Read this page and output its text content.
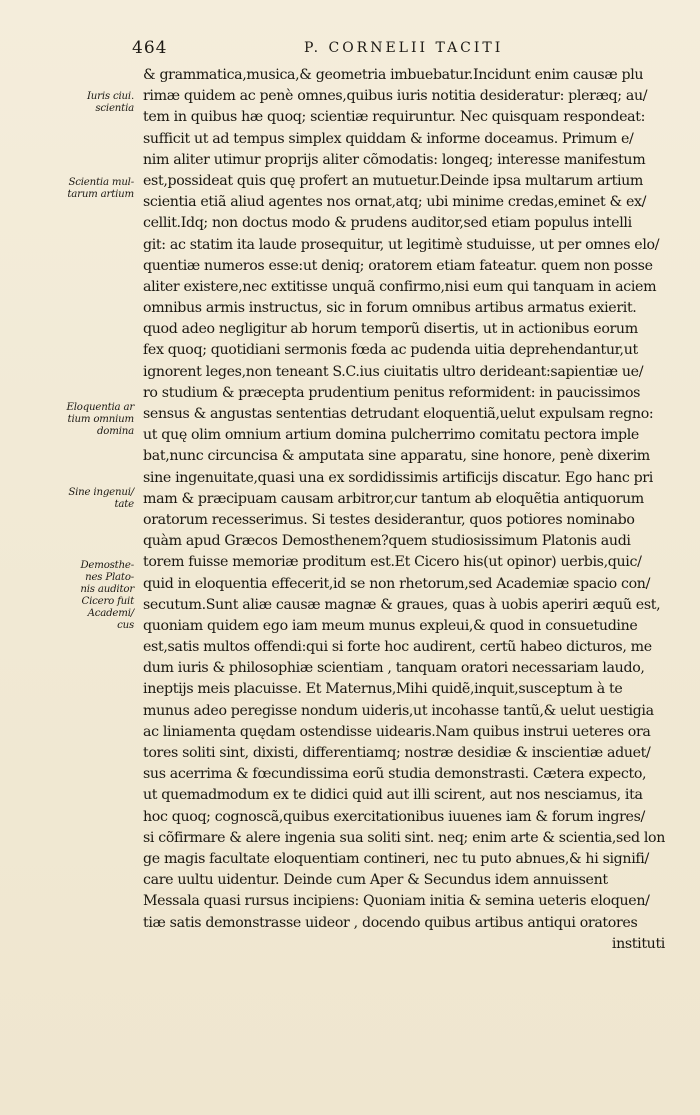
464	P. CORNELII TACITI
Iuris ciui.
scientia
Scientia mul-
tarum artium
Eloquentia ar
tium omnium
domina
Sine ingenui/
tate
Demosthe-
nes Plato-
nis auditor
Cicero fuit
Academi/
cus
& grammatica,musica,& geometria imbuebatur.Incidunt enim causæ plu
rimæ quidem ac penè omnes,quibus iuris notitia desideratur: pleræq; au/
tem in quibus hæ quoq; scientiæ requiruntur. Nec quisquam respondeat:
sufficit ut ad tempus simplex quiddam & informe doceamus. Primum e/
nim aliter utimur proprijs aliter cõmodatis: longeq; interesse manifestum
est,possideat quis quę profert an mutuetur.Deinde ipsa multarum artium
scientia etiã aliud agentes nos ornat,atq; ubi minime credas,eminet & ex/
cellit.Idq; non doctus modo & prudens auditor,sed etiam populus intelli
git: ac statim ita laude prosequitur, ut legitimè studuisse, ut per omnes elo/
quentiæ numeros esse:ut deniq; oratorem etiam fateatur. quem non posse
aliter existere,nec extitisse unquã confirmo,nisi eum qui tanquam in aciem
omnibus armis instructus, sic in forum omnibus artibus armatus exierit.
quod adeo negligitur ab horum temporũ disertis, ut in actionibus eorum
fex quoq; quotidiani sermonis fœda ac pudenda uitia deprehendantur,ut
ignorent leges,non teneant S.C.ius ciuitatis ultro derideant:sapientiæ ue/
ro studium & præcepta prudentium penitus reformident: in paucissimos
sensus & angustas sententias detrudant eloquentiã,uelut expulsam regno:
ut quę olim omnium artium domina pulcherrimo comitatu pectora imple
bat,nunc circuncisa & amputata sine apparatu, sine honore, penè dixerim
sine ingenuitate,quasi una ex sordidissimis artificijs discatur. Ego hanc pri
mam & præcipuam causam arbitror,cur tantum ab eloquẽtia antiquorum
oratorum recesserimus. Si testes desiderantur, quos potiores nominabo
quàm apud Græcos Demosthenem?quem studiosissimum Platonis audi
torem fuisse memoriæ proditum est.Et Cicero his(ut opinor) uerbis,quic/
quid in eloquentia effecerit,id se non rhetorum,sed Academiæ spacio con/
secutum.Sunt aliæ causæ magnæ & graues, quas à uobis aperiri æquũ est,
quoniam quidem ego iam meum munus expleui,& quod in consuetudine
est,satis multos offendi:qui si forte hoc audirent, certũ habeo dicturos, me
dum iuris & philosophiæ scientiam , tanquam oratori necessariam laudo,
ineptijs meis placuisse. Et Maternus,Mihi quidẽ,inquit,susceptum à te
munus adeo peregisse nondum uideris,ut incohasse tantũ,& uelut uestigia
ac liniamenta quędam ostendisse uidearis.Nam quibus instrui ueteres ora
tores soliti sint, dixisti, differentiamq; nostræ desidiæ & inscientiæ aduet/
sus acerrima & fœcundissima eorũ studia demonstrasti. Cætera expecto,
ut quemadmodum ex te didici quid aut illi scirent, aut nos nesciamus, ita
hoc quoq; cognoscã,quibus exercitationibus iuuenes iam & forum ingres/
si cõfirmare & alere ingenia sua soliti sint. neq; enim arte & scientia,sed lon
ge magis facultate eloquentiam contineri, nec tu puto abnues,& hi signifi/
care uultu uidentur. Deinde cum Aper & Secundus idem annuissent
Messala quasi rursus incipiens: Quoniam initia & semina ueteris eloquen/
tiæ satis demonstrasse uideor , docendo quibus artibus antiqui oratores
instituti
